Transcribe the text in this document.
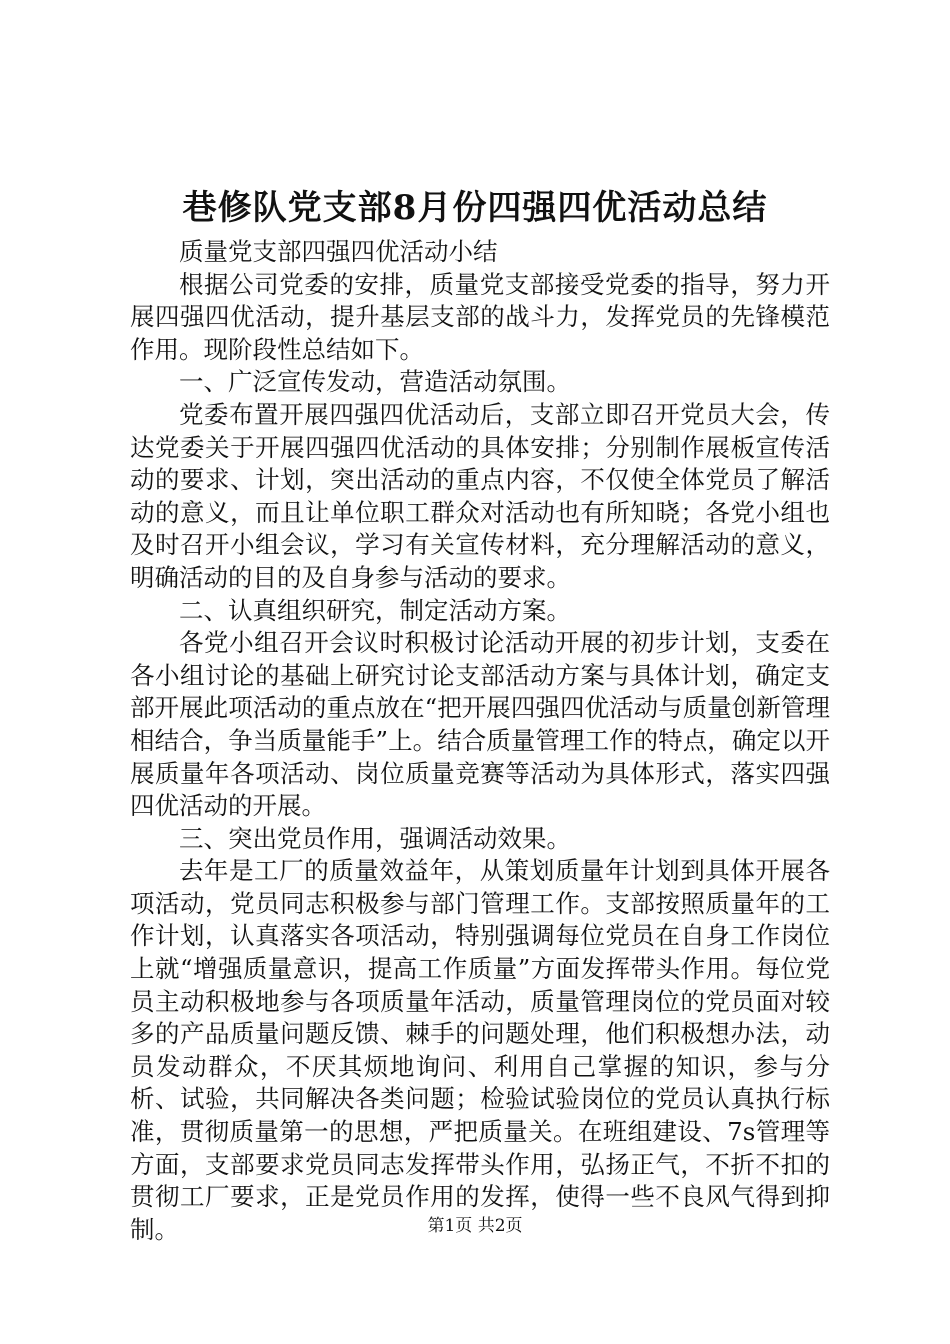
巷修队党支部8月份四强四优活动总结

质量党支部四强四优活动小结

根据公司党委的安排，质量党支部接受党委的指导，努力开展四强四优活动，提升基层支部的战斗力，发挥党员的先锋模范作用。现阶段性总结如下。

一、广泛宣传发动，营造活动氛围。

党委布置开展四强四优活动后，支部立即召开党员大会，传达党委关于开展四强四优活动的具体安排；分别制作展板宣传活动的要求、计划，突出活动的重点内容，不仅使全体党员了解活动的意义，而且让单位职工群众对活动也有所知晓；各党小组也及时召开小组会议，学习有关宣传材料，充分理解活动的意义，明确活动的目的及自身参与活动的要求。

二、认真组织研究，制定活动方案。

各党小组召开会议时积极讨论活动开展的初步计划，支委在各小组讨论的基础上研究讨论支部活动方案与具体计划，确定支部开展此项活动的重点放在“把开展四强四优活动与质量创新管理相结合，争当质量能手”上。结合质量管理工作的特点，确定以开展质量年各项活动、岗位质量竞赛等活动为具体形式，落实四强四优活动的开展。

三、突出党员作用，强调活动效果。

去年是工厂的质量效益年，从策划质量年计划到具体开展各项活动，党员同志积极参与部门管理工作。支部按照质量年的工作计划，认真落实各项活动，特别强调每位党员在自身工作岗位上就“增强质量意识，提高工作质量”方面发挥带头作用。每位党员主动积极地参与各项质量年活动，质量管理岗位的党员面对较多的产品质量问题反馈、棘手的问题处理，他们积极想办法，动员发动群众，不厌其烦地询问、利用自己掌握的知识，参与分析、试验，共同解决各类问题；检验试验岗位的党员认真执行标准，贯彻质量第一的思想，严把质量关。在班组建设、7s管理等方面，支部要求党员同志发挥带头作用，弘扬正气，不折不扣的贯彻工厂要求，正是党员作用的发挥，使得一些不良风气得到抑制。	第1页 共2页
